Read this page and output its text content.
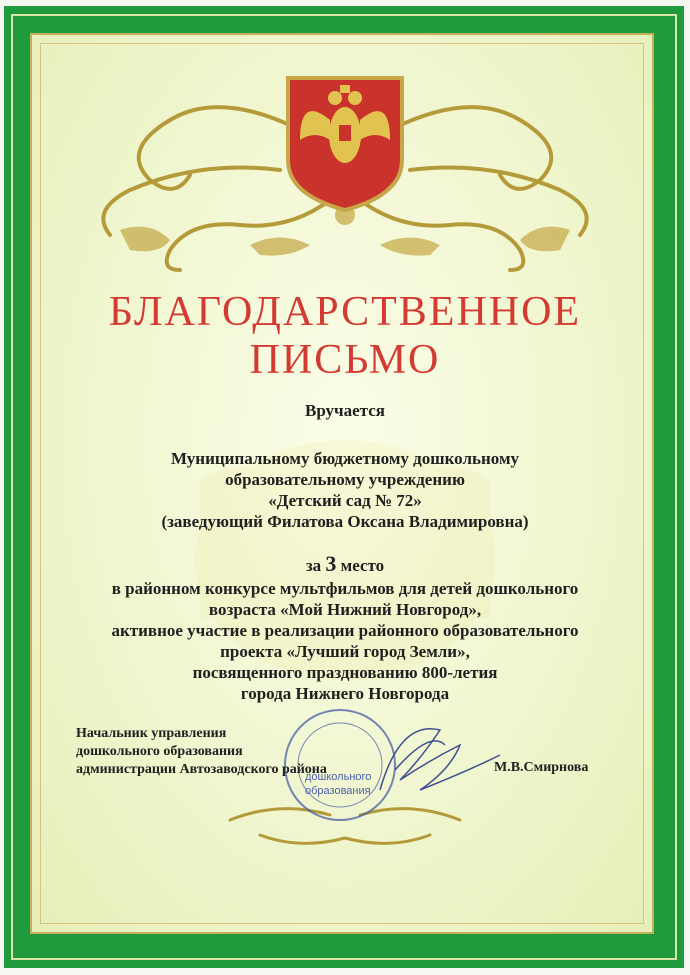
БЛАГОДАРСТВЕННОЕ
ПИСЬМО
Вручается
Муниципальному бюджетному дошкольному
образовательному учреждению
«Детский сад № 72»
(заведующий Филатова Оксана Владимировна)
за 3 место
в районном конкурсе мультфильмов для детей дошкольного
возраста «Мой Нижний Новгород»,
активное участие в реализации районного образовательного
проекта «Лучший город Земли»,
посвященного празднованию 800-летия
города Нижнего Новгорода
Начальник управления
дошкольного образования
администрации Автозаводского района	М.В.Смирнова
дошкольного
образования
